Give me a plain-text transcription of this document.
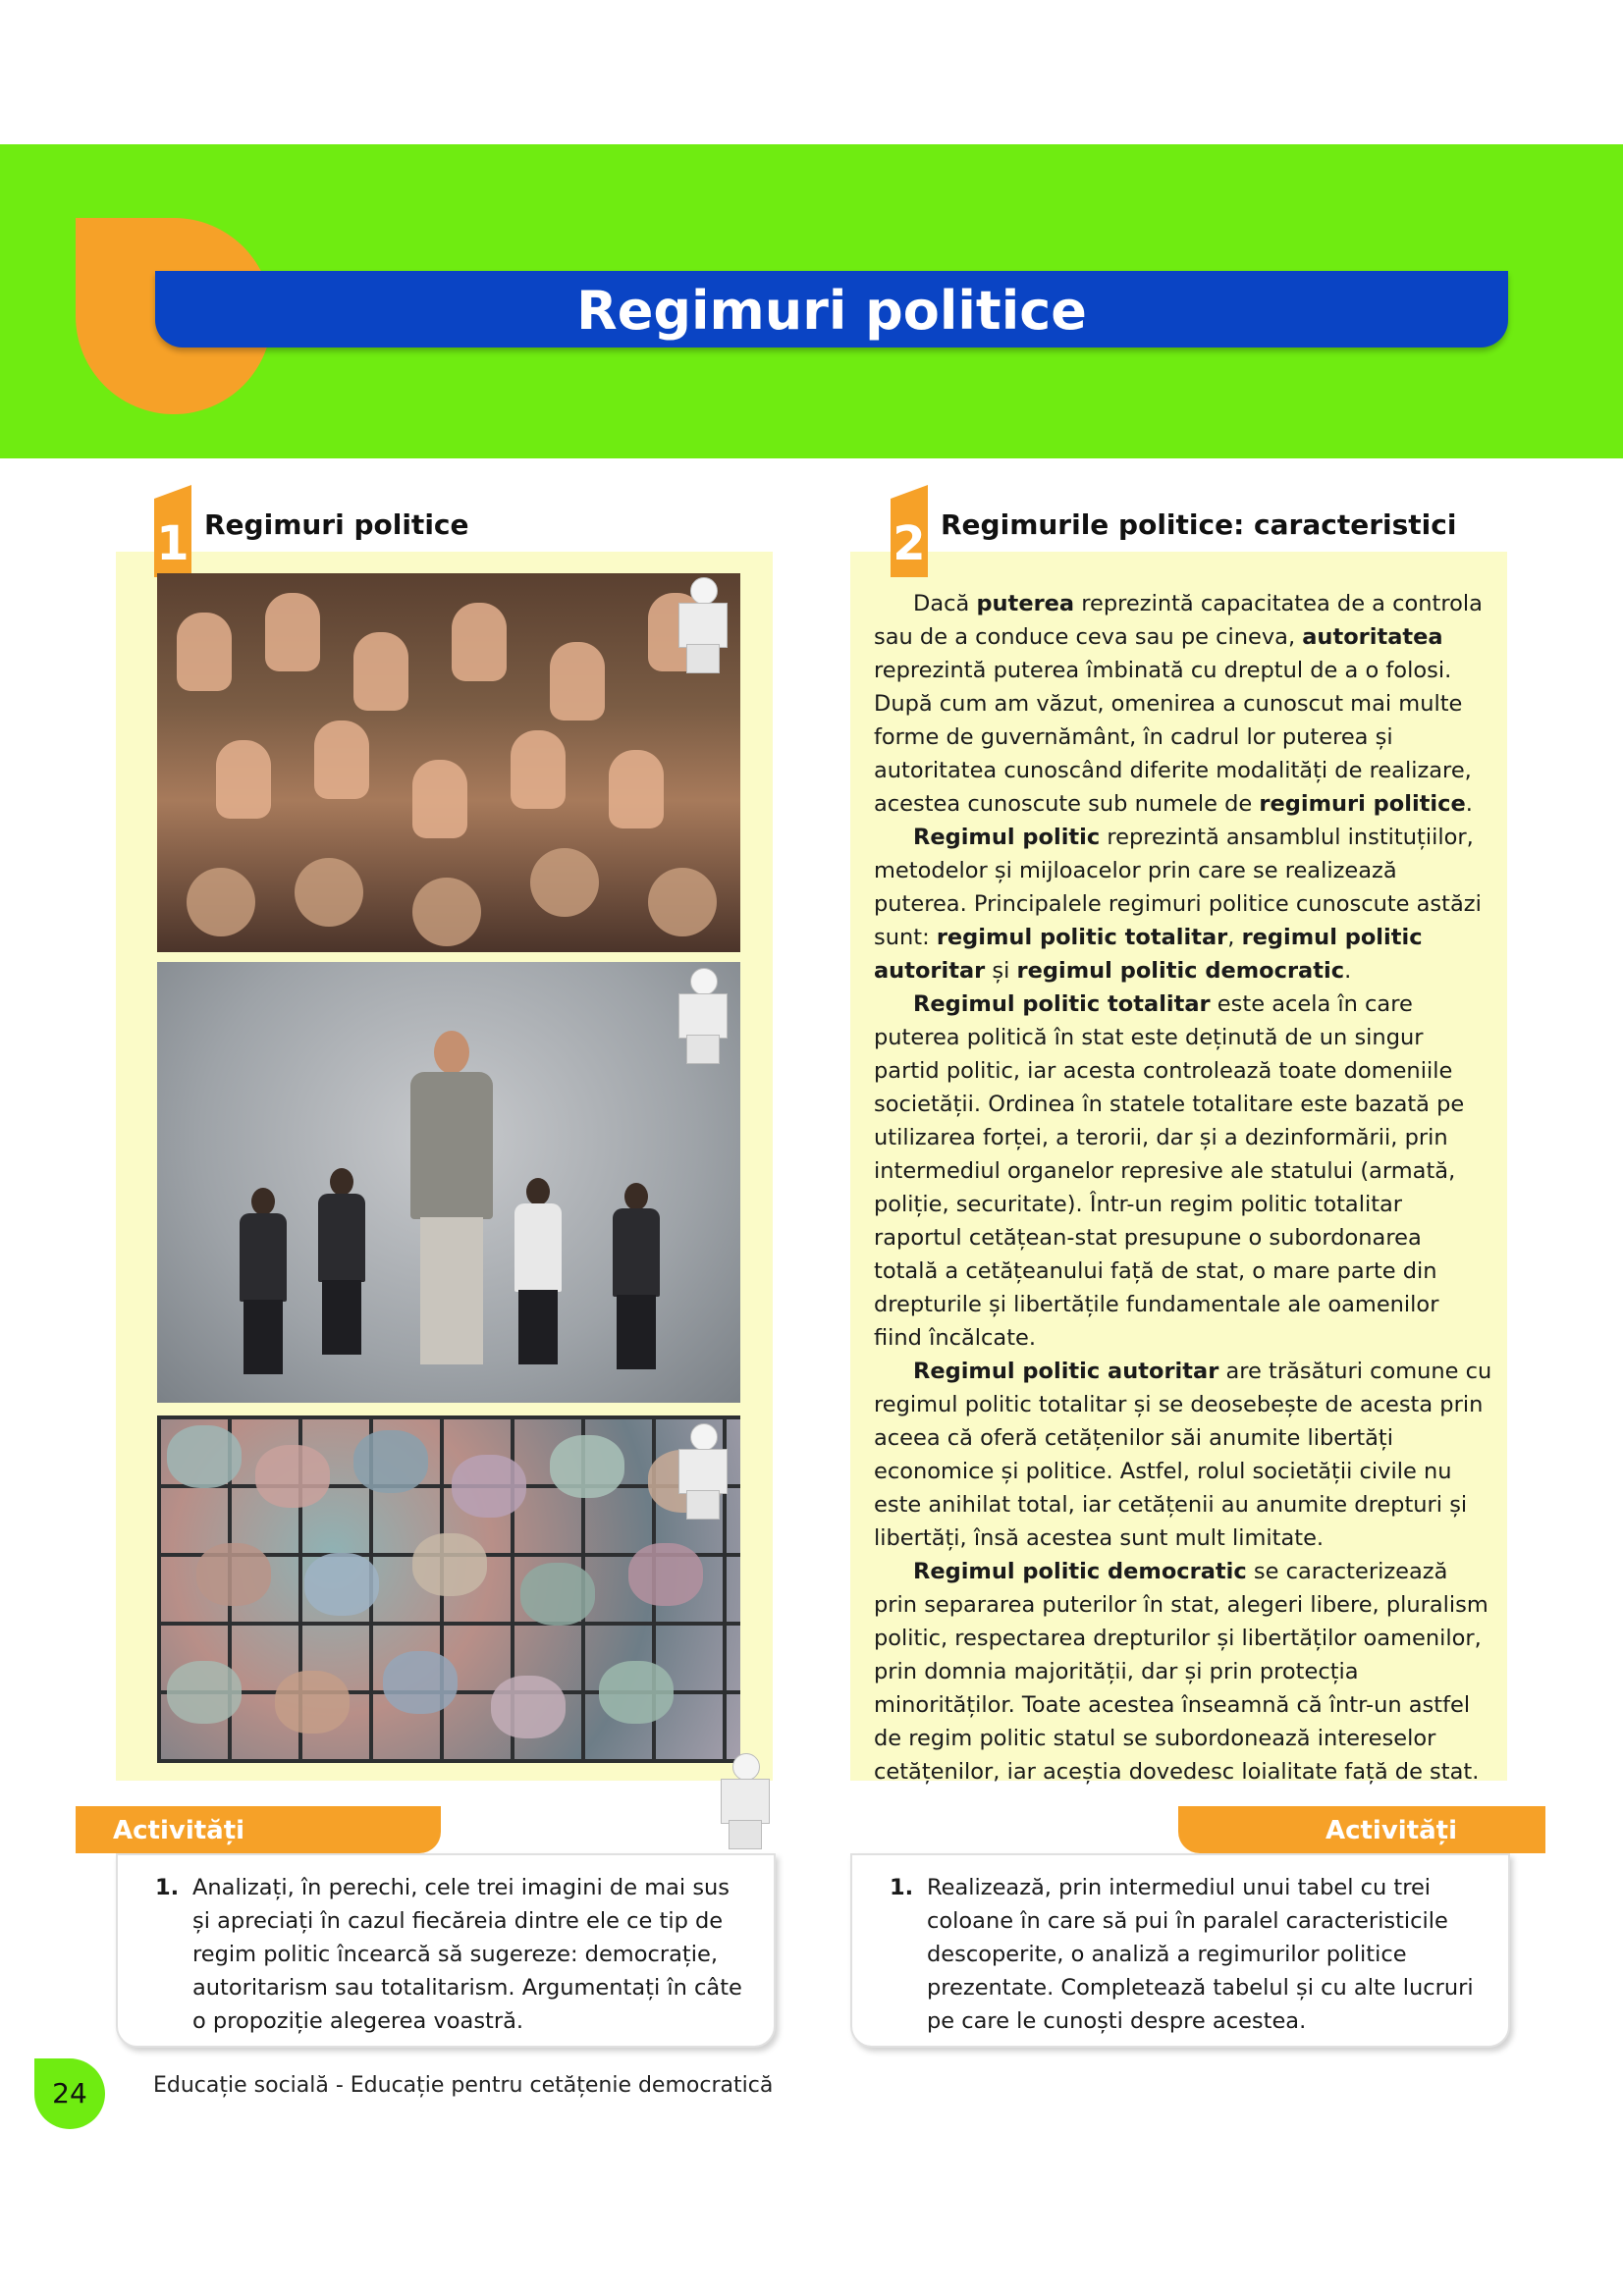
Regimuri politice
1 Regimuri politice	2 Regimurile politice: caracteristici

Dacă puterea reprezintă capacitatea de a controla sau de a conduce ceva sau pe cineva, autoritatea reprezintă puterea îmbinată cu dreptul de a o folosi. După cum am văzut, omenirea a cunoscut mai multe forme de guvernământ, în cadrul lor puterea și autoritatea cunoscând diferite modalități de realizare, acestea cunoscute sub numele de regimuri politice.

Regimul politic reprezintă ansamblul instituțiilor, metodelor și mijloacelor prin care se realizează puterea. Principalele regimuri politice cunoscute astăzi sunt: regimul politic totalitar, regimul politic autoritar și regimul politic democratic.

Regimul politic totalitar este acela în care puterea politică în stat este deținută de un singur partid politic, iar acesta controlează toate domeniile societății. Ordinea în statele totalitare este bazată pe utilizarea forței, a terorii, dar și a dezinformării, prin intermediul organelor represive ale statului (armată, poliție, securitate). Într-un regim politic totalitar raportul cetățean-stat presupune o subordonarea totală a cetățeanului față de stat, o mare parte din drepturile și libertățile fundamentale ale oamenilor fiind încălcate.

Regimul politic autoritar are trăsături comune cu regimul politic totalitar și se deosebește de acesta prin aceea că oferă cetățenilor săi anumite libertăți economice și politice. Astfel, rolul societății civile nu este anihilat total, iar cetățenii au anumite drepturi și libertăți, însă acestea sunt mult limitate.

Regimul politic democratic se caracterizează prin separarea puterilor în stat, alegeri libere, pluralism politic, respectarea drepturilor și libertăților oamenilor, prin domnia majorității, dar și prin protecția minorităților. Toate acestea înseamnă că într-un astfel de regim politic statul se subordonează intereselor cetățenilor, iar aceștia dovedesc loialitate față de stat.

Activități
1. Analizați, în perechi, cele trei imagini de mai sus și apreciați în cazul fiecăreia dintre ele ce tip de regim politic încearcă să sugereze: democrație, autoritarism sau totalitarism. Argumentați în câte o propoziție alegerea voastră.
Activități
1. Realizează, prin intermediul unui tabel cu trei coloane în care să pui în paralel caracteristicile descoperite, o analiză a regimurilor politice prezentate. Completează tabelul și cu alte lucruri pe care le cunoști despre acestea.
24	Educație socială - Educație pentru cetățenie democratică
